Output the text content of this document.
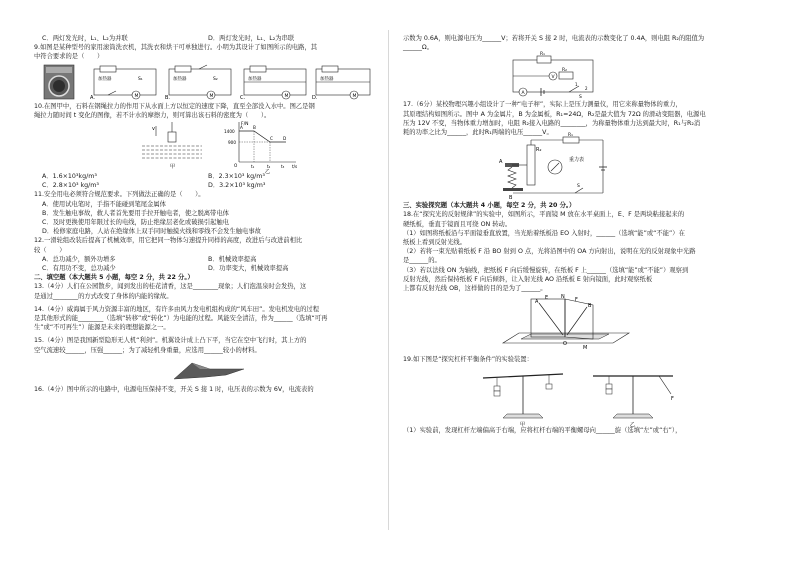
C．两灯发光时，L₁、L₂为并联	D．两灯发光时，L₁、L₂为串联
9.如图是某种型号的家用滚筒洗衣机，其洗衣和烘干可单独进行。小明为其设计了如图所示的电路，其
中符合要求的是（　　）
M
加热器	S₁
A.	M
加热器	S₂
B.	M
加热器
C.	M
加热器
D.
10.在图甲中，石料在钢绳拉力的作用下从水面上方以恒定的速度下降，直至全部没入水中。图乙是钢
绳拉力随时间 t 变化的图像，若不计水的摩擦力，则可算出该石料的密度为（　　）。
v
甲
F/N
1400
900
A B
C D
O	t₁	t₂	t₃ t/s
乙
A．1.6×10³kg/m³	B．2.3×10³ kg/m³
C．2.8×10³ kg/m³	D．3.2×10³ kg/m³
11.安全用电必须符合规范要求。下列做法正确的是（　　）。
A．使用试电笔时，手指不能碰到笔尾金属体
B．发生触电事故，救人者首先要用手拉开触电者，使之脱离带电体
C．及时更换使用年限过长的电线，防止绝缘层老化或破损引起触电
D．检修家庭电路，人站在绝缘体上双手同时触摸火线和零线不会发生触电事故
12.一滑轮组改装后提高了机械效率，用它把同一物体匀速提升同样的高度，改进后与改进前相比
较（　　）
A．总功减少，额外功增多	B．机械效率提高
C．有用功不变，总功减少	D．功率变大，机械效率提高
二、填空题（本大题共 5 小题，每空 2 分，共 22 分。）
13.（4分）人们在公园散步，闻到发出的桂花清香，这是________现象；人们泡温泉时会发热，这
是通过________的方式改变了身体的内能的缘故。
14.（4分）威海属于风力资源丰富的地区，有许多由风力发电机组构成的“风车田”。发电机发电的过程
是其他形式的能________（选填“转移”或“转化”）为电能的过程。风能安全清洁，作为______（选填“可再
生”或“不可再生”）能源是未来的理想能源之一。
15.（4分）图是我国新型隐形无人机“利剑”。机翼设计成上凸下平，当它在空中飞行时，其上方的
空气流速较______，压强______；为了减轻机身重量，应选用______较小的材料。
16.（4分）图中所示的电路中，电源电压保持不变，开关 S 接 1 时，电压表的示数为 6V，电流表的
示数为 0.6A，则电源电压为______V；若将开关 S 接 2 时，电流表的示数变化了 0.4A，则电阻 R₂的阻值为
______Ω。
R₁
V
R₂
A
S
1
2
17.（6分）某校物理兴趣小组设计了一种“电子秤”，实际上是压力测量仪，用它来称量物体的重力，
其原理结构如图所示。图中 A 为金属片，B 为金属板，R₁=24Ω，R₂是最大值为 72Ω 的滑动变阻器，电源电
压为 12V 不变，当物体重力增加时，电阻 R₂接入电路的________，为称量物体重力达到最大时，R₁与R₂消
耗的功率之比为______，此时R₁两端的电压______V。
A
B
R₂
R₁
重力表
S
三、实验探究题（本大题共 4 小题，每空 2 分，共 20 分。）
18.在“探究光的反射规律”的实验中，如图所示，平面镜 M 放在水平桌面上，E、F 是两块粘接起来的
硬纸板，垂直于镜面且可绕 ON 转动。
（1）如图将纸板沿与平面镜垂直放置，当光贴着纸板沿 EO 入射时，______（选填“能”或“不能”）在
纸板上看到反射光线。
（2）若将一束光贴着纸板 F 沿 BO 射到 O 点，光将沿图中的 OA 方向射出，说明在光的反射现象中光路
是______的。
（3）若以法线 ON 为轴线，把纸板 F 向后缓慢旋转，在纸板 F 上______（选填“能”或“不能”）观察到
反射光线，然后保持纸板 F 向后倾斜，让入射光线 AO 沿纸板 E 射向镜面，此时观察纸板
上都有反射光线 OB，这样做的目的是为了______。
M
A
E	N F
B
O
19.如下图是“探究杠杆平衡条件”的实验装置：
甲
F
乙
（1）实验前，发现杠杆左端偏高于右端，应将杠杆右端的平衡螺母向______旋（选填“左”或“右”），
